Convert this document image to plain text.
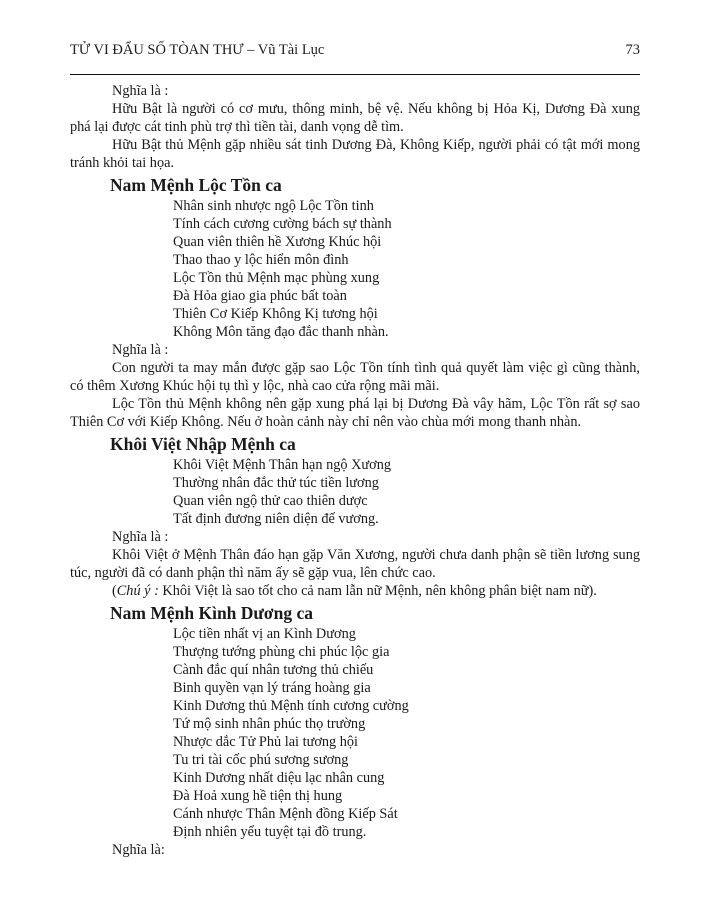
TỬ VI ĐẨU SỐ TÒAN THƯ – Vũ Tài Lục	73

Nghĩa là :

Hữu Bật là người có cơ mưu, thông minh, bệ vệ. Nếu không bị Hỏa Kị, Dương Đà xung phá lại được cát tinh phù trợ thì tiền tài, danh vọng dễ tìm.

Hữu Bật thủ Mệnh gặp nhiều sát tinh Dương Đà, Không Kiếp, người phải có tật mới mong tránh khỏi tai họa.

Nam Mệnh Lộc Tồn ca
Nhân sinh nhược ngộ Lộc Tồn tinh
Tính cách cương cường bách sự thành
Quan viên thiên hề Xương Khúc hội
Thao thao y lộc hiển môn đình
Lộc Tồn thủ Mệnh mạc phùng xung
Đà Hỏa giao gia phúc bất toàn
Thiên Cơ Kiếp Không Kị tương hội
Không Môn tăng đạo đắc thanh nhàn.

Nghĩa là :

Con người ta may mắn được gặp sao Lộc Tồn tính tình quả quyết làm việc gì cũng thành, có thêm Xương Khúc hội tụ thì y lộc, nhà cao cửa rộng mãi mãi.

Lộc Tồn thủ Mệnh không nên gặp xung phá lại bị Dương Đà vây hãm, Lộc Tồn rất sợ sao Thiên Cơ với Kiếp Không. Nếu ở hoàn cảnh này chỉ nên vào chùa mới mong thanh nhàn.

Khôi Việt Nhập Mệnh ca
Khôi Việt Mệnh Thân hạn ngộ Xương
Thường nhân đắc thử túc tiền lương
Quan viên ngộ thử cao thiên dược
Tất định đương niên diện đế vương.

Nghĩa là :

Khôi Việt ở Mệnh Thân đáo hạn gặp Văn Xương, người chưa danh phận sẽ tiền lương sung túc, người đã có danh phận thì năm ấy sẽ gặp vua, lên chức cao.

(Chú ý : Khôi Việt là sao tốt cho cả nam lẫn nữ Mệnh, nên không phân biệt nam nữ).

Nam Mệnh Kình Dương ca
Lộc tiền nhất vị an Kình Dương
Thượng tướng phùng chi phúc lộc gia
Cành đắc quí nhân tương thủ chiếu
Binh quyền vạn lý tráng hoàng gia
Kinh Dương thủ Mệnh tính cương cường
Tứ mộ sinh nhân phúc thọ trường
Nhược dắc Tử Phủ lai tương hội
Tu tri tài cốc phú sương sương
Kinh Dương nhất diệu lạc nhân cung
Đà Hoả xung hề tiện thị hung
Cánh nhược Thân Mệnh đồng Kiếp Sát
Định nhiên yểu tuyệt tại đồ trung.

Nghĩa là:
